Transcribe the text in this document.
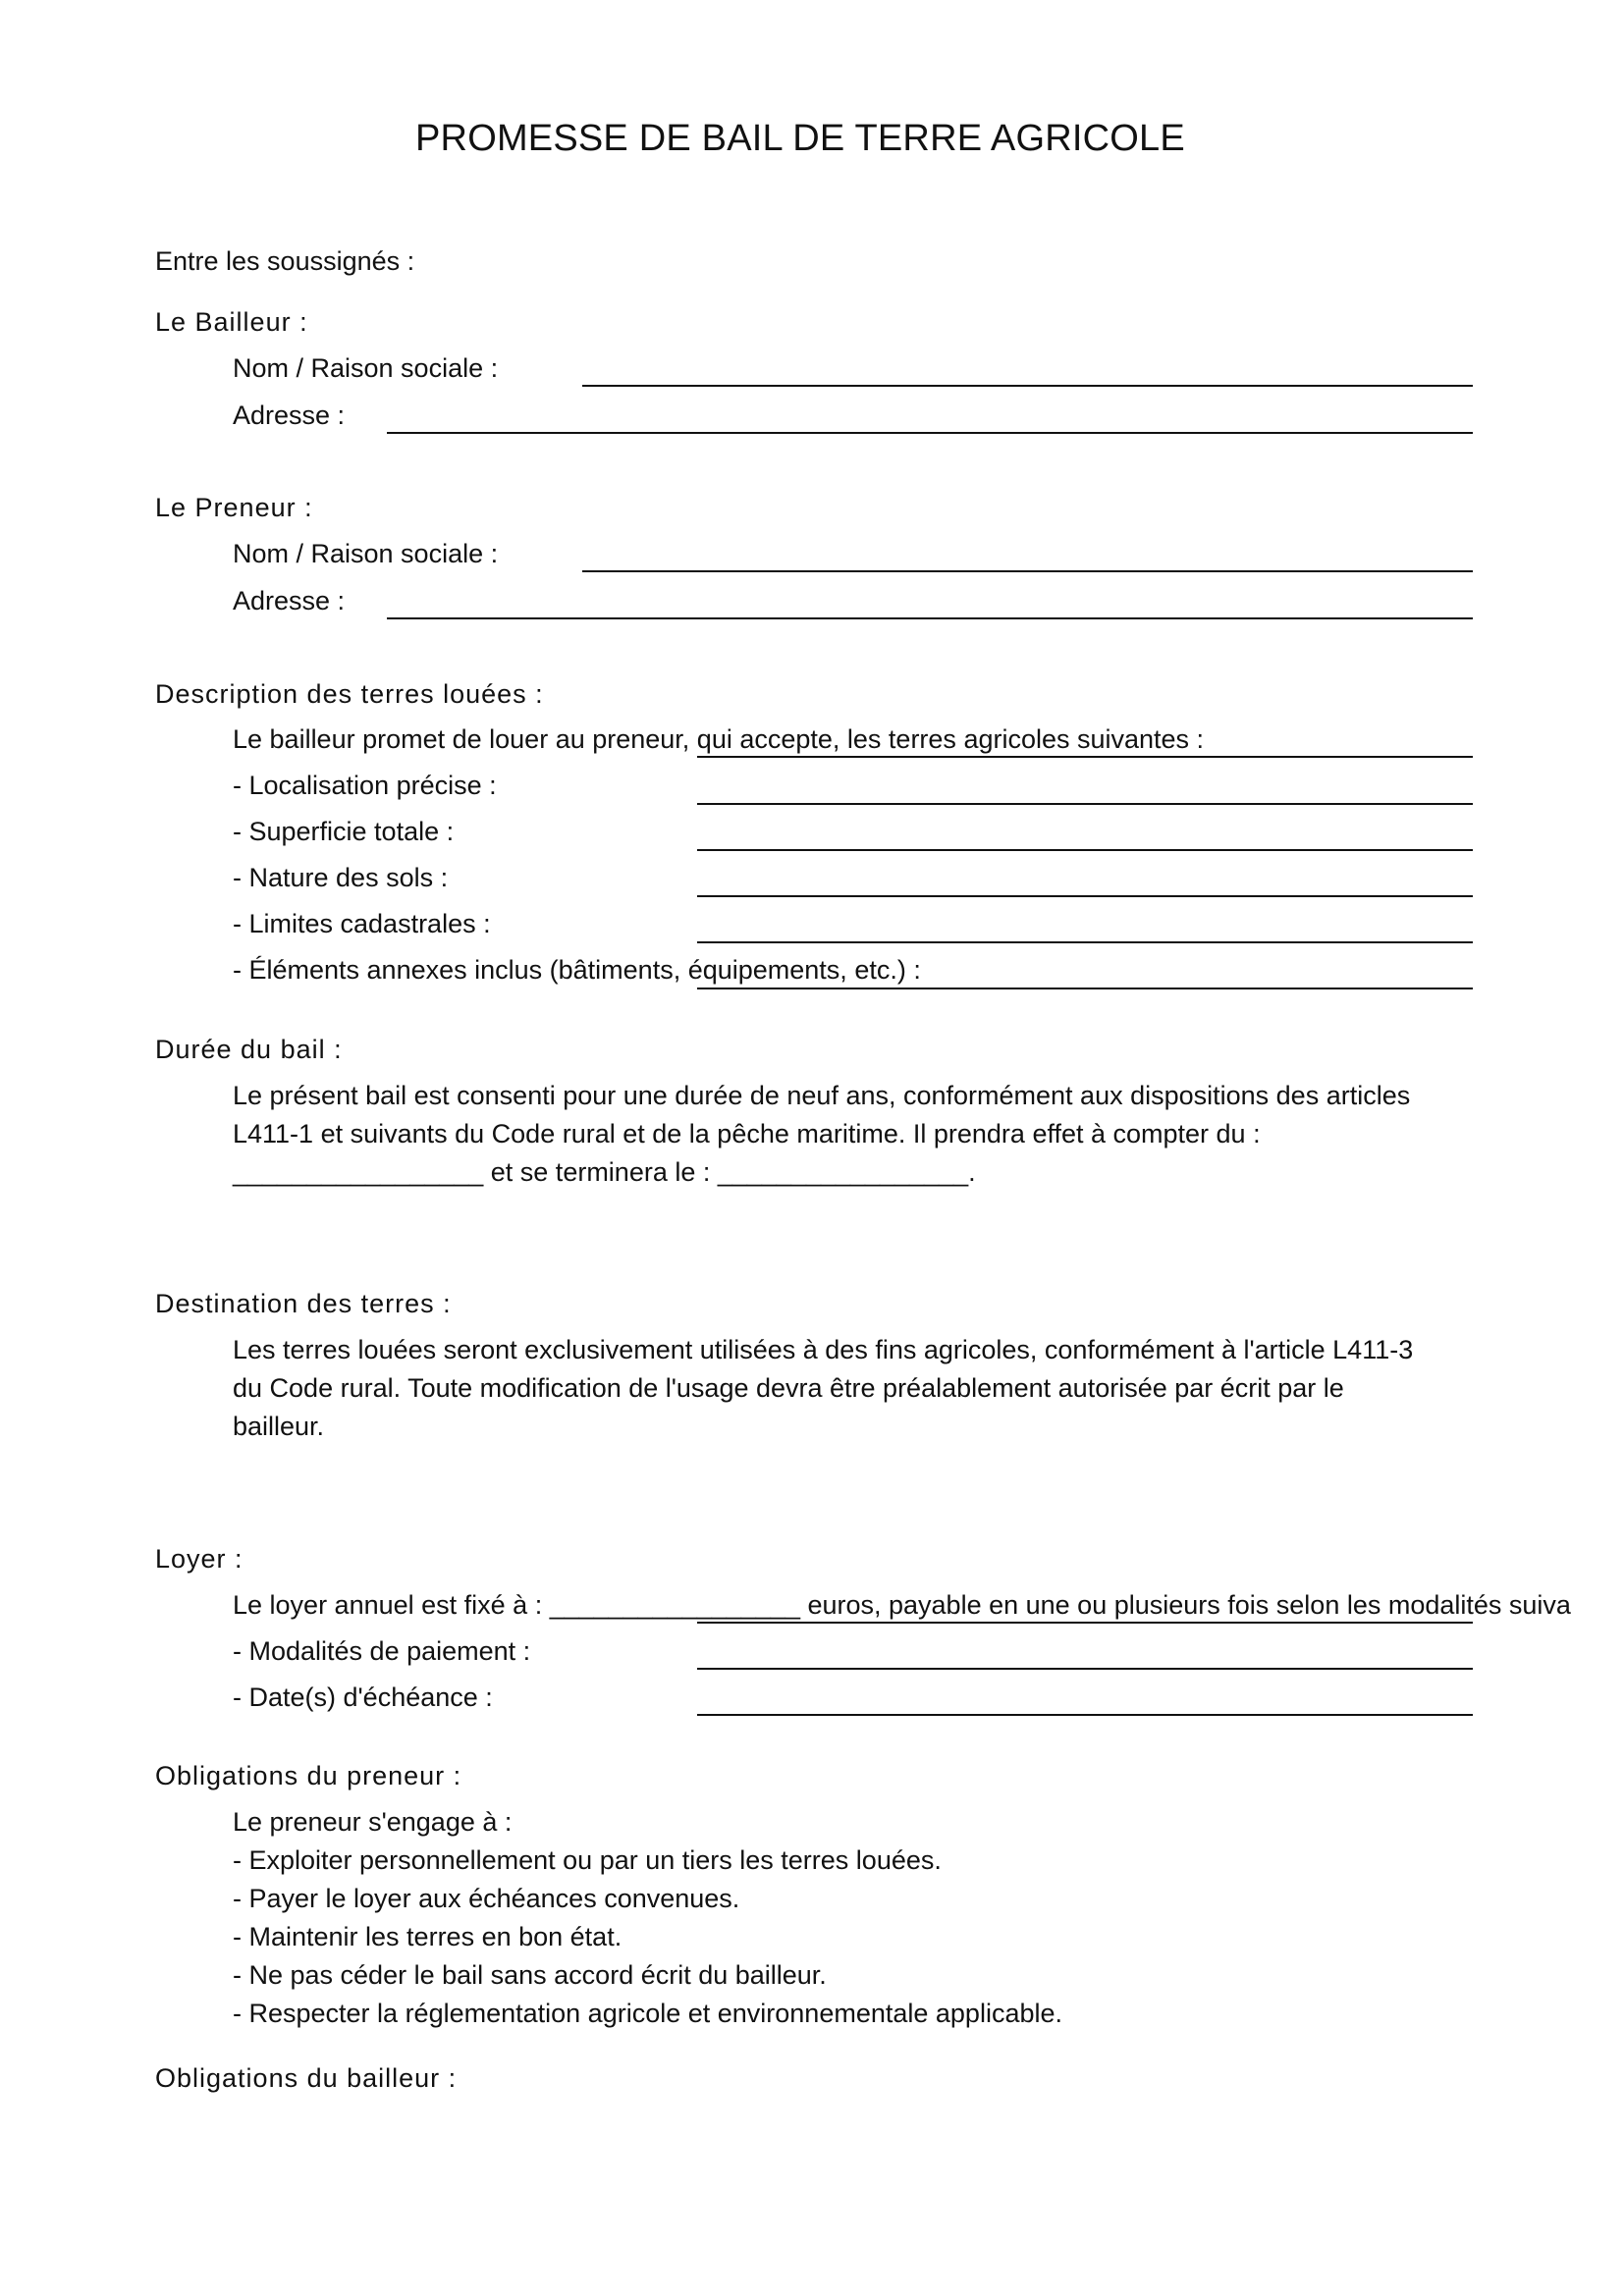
PROMESSE DE BAIL DE TERRE AGRICOLE
Entre les soussignés :
Le Bailleur :
Nom / Raison sociale :
Adresse :
Le Preneur :
Nom / Raison sociale :
Adresse :
Description des terres louées :
Le bailleur promet de louer au preneur, qui accepte, les terres agricoles suivantes :
- Localisation précise :
- Superficie totale :
- Nature des sols :
- Limites cadastrales :
- Éléments annexes inclus (bâtiments, équipements, etc.) :
Durée du bail :
Le présent bail est consenti pour une durée de neuf ans, conformément aux dispositions des articles
L411-1 et suivants du Code rural et de la pêche maritime. Il prendra effet à compter du :
_________________ et se terminera le : _________________.
Destination des terres :
Les terres louées seront exclusivement utilisées à des fins agricoles, conformément à l'article L411-3
du Code rural. Toute modification de l'usage devra être préalablement autorisée par écrit par le
bailleur.
Loyer :
Le loyer annuel est fixé à : _________________ euros, payable en une ou plusieurs fois selon les modalités suiva
- Modalités de paiement :
- Date(s) d'échéance :
Obligations du preneur :
Le preneur s'engage à :
- Exploiter personnellement ou par un tiers les terres louées.
- Payer le loyer aux échéances convenues.
- Maintenir les terres en bon état.
- Ne pas céder le bail sans accord écrit du bailleur.
- Respecter la réglementation agricole et environnementale applicable.
Obligations du bailleur :
